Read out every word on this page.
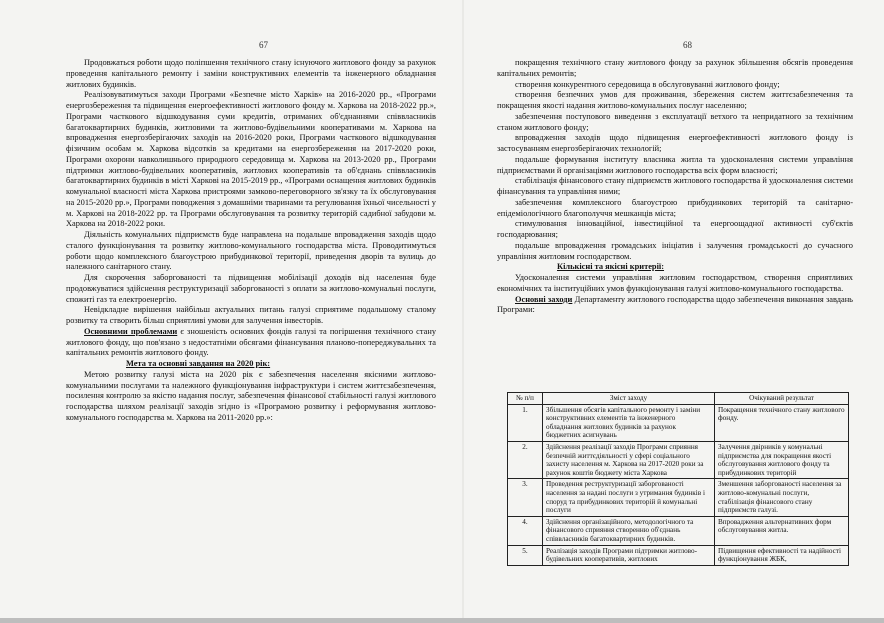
67

Продовжаться роботи щодо поліпшення технічного стану існуючого житлового фонду за рахунок проведення капітального ремонту і заміни конструктивних елементів та інженерного обладнання житлових будинків.

Реалізовуватимуться заходи Програми «Безпечне місто Харків» на 2016-2020 рр., «Програми енергозбереження та підвищення енергоефективності житлового фонду м. Харкова на 2018-2022 рр.», Програми часткового відшкодування суми кредитів, отриманих об'єднаннями співвласників багатоквартирних будинків, житловими та житлово-будівельними кооперативами м. Харкова на впровадження енергозберігаючих заходів на 2016-2020 роки, Програми часткового відшкодування фізичним особам м. Харкова відсотків за кредитами на енергозбереження на 2017-2020 роки, Програми охорони навколишнього природного середовища м. Харкова на 2013-2020 рр., Програми підтримки житлово-будівельних кооперативів, житлових кооперативів та об'єднань співвласників багатоквартирних будинків в місті Харкові на 2015-2019 рр., «Програми оснащення житлових будинків комунальної власності міста Харкова пристроями замково-переговорного зв'язку та їх обслуговування на 2015-2020 рр.», Програми поводження з домашніми тваринами та регулювання їхньої чисельності у м. Харкові на 2018-2022 рр. та Програми обслуговування та розвитку територій садибної забудови м. Харкова на 2018-2022 роки.

Діяльність комунальних підприємств буде направлена на подальше впровадження заходів щодо сталого функціонування та розвитку житлово-комунального господарства міста. Проводитимуться роботи щодо комплексного благоустрою прибудинкової території, приведення дворів та вулиць до належного санітарного стану.

Для скорочення заборгованості та підвищення мобілізації доходів від населення буде продовжуватися здійснення реструктуризації заборгованості з оплати за житлово-комунальні послуги, спожиті газ та електроенергію.

Невідкладне вирішення найбільш актуальних питань галузі сприятиме подальшому сталому розвитку та створить більш сприятливі умови для залучення інвесторів.

Основними проблемами є зношеність основних фондів галузі та погіршення технічного стану житлового фонду, що пов'язано з недостатніми обсягами фінансування планово-попереджувальних та капітальних ремонтів житлового фонду.

Мета та основні завдання на 2020 рік:

Метою розвитку галузі міста на 2020 рік є забезпечення населення якісними житлово-комунальними послугами та належного функціонування інфраструктури і систем життєзабезпечення, посилення контролю за якістю надання послуг, забезпечення фінансової стабільності галузі житлового господарства шляхом реалізації заходів згідно із «Програмою розвитку і реформування житлово-комунального господарства м. Харкова на 2011-2020 рр.»:

68

покращення технічного стану житлового фонду за рахунок збільшення обсягів проведення капітальних ремонтів;

створення конкурентного середовища в обслуговуванні житлового фонду;

створення безпечних умов для проживання, збереження систем життєзабезпечення та покращення якості надання житлово-комунальних послуг населенню;

забезпечення поступового виведення з експлуатації ветхого та непридатного за технічним станом житлового фонду;

впровадження заходів щодо підвищення енергоефективності житлового фонду із застосуванням енергозберігаючих технологій;

подальше формування інституту власника житла та удосконалення системи управління підприємствами й організаціями житлового господарства всіх форм власності;

стабілізація фінансового стану підприємств житлового господарства й удосконалення системи фінансування та управління ними;

забезпечення комплексного благоустрою прибудинкових територій та санітарно-епідеміологічного благополуччя мешканців міста;

стимулювання інноваційної, інвестиційної та енергоощадної активності суб'єктів господарювання;

подальше впровадження громадських ініціатив і залучення громадськості до сучасного управління житловим господарством.

Кількісні та якісні критерії:

Удосконалення системи управління житловим господарством, створення сприятливих економічних та інституційних умов функціонування галузі житлово-комунального господарства.

Основні заходи Департаменту житлового господарства щодо забезпечення виконання завдань Програми:

№ п/п	Зміст заходу	Очікуваний результат
1.	Збільшення обсягів капітального ремонту і заміни конструктивних елементів та інженерного обладнання житлових будинків за рахунок бюджетних асигнувань	Покращення технічного стану житлового фонду.
2.	Здійснення реалізації заходів Програми сприяння безпечній життєдіяльності у сфері соціального захисту населення м. Харкова на 2017-2020 роки за рахунок коштів бюджету міста Харкова	Залучення двірників у комунальні підприємства для покращення якості обслуговування житлового фонду та прибудинкових територій
3.	Проведення реструктуризації заборгованості населення за надані послуги з утримання будинків і споруд та прибудинкових територій й комунальні послуги	Зменшення заборгованості населення за житлово-комунальні послуги, стабілізація фінансового стану підприємств галузі.
4.	Здійснення організаційного, методологічного та фінансового сприяння створенню об'єднань співвласників багатоквартирних будинків.	Впровадження альтернативних форм обслуговування житла.
5.	Реалізація заходів Програми підтримки житлово-будівельних кооперативів, житлових	Підвищення ефективності та надійності функціонування ЖБК,
